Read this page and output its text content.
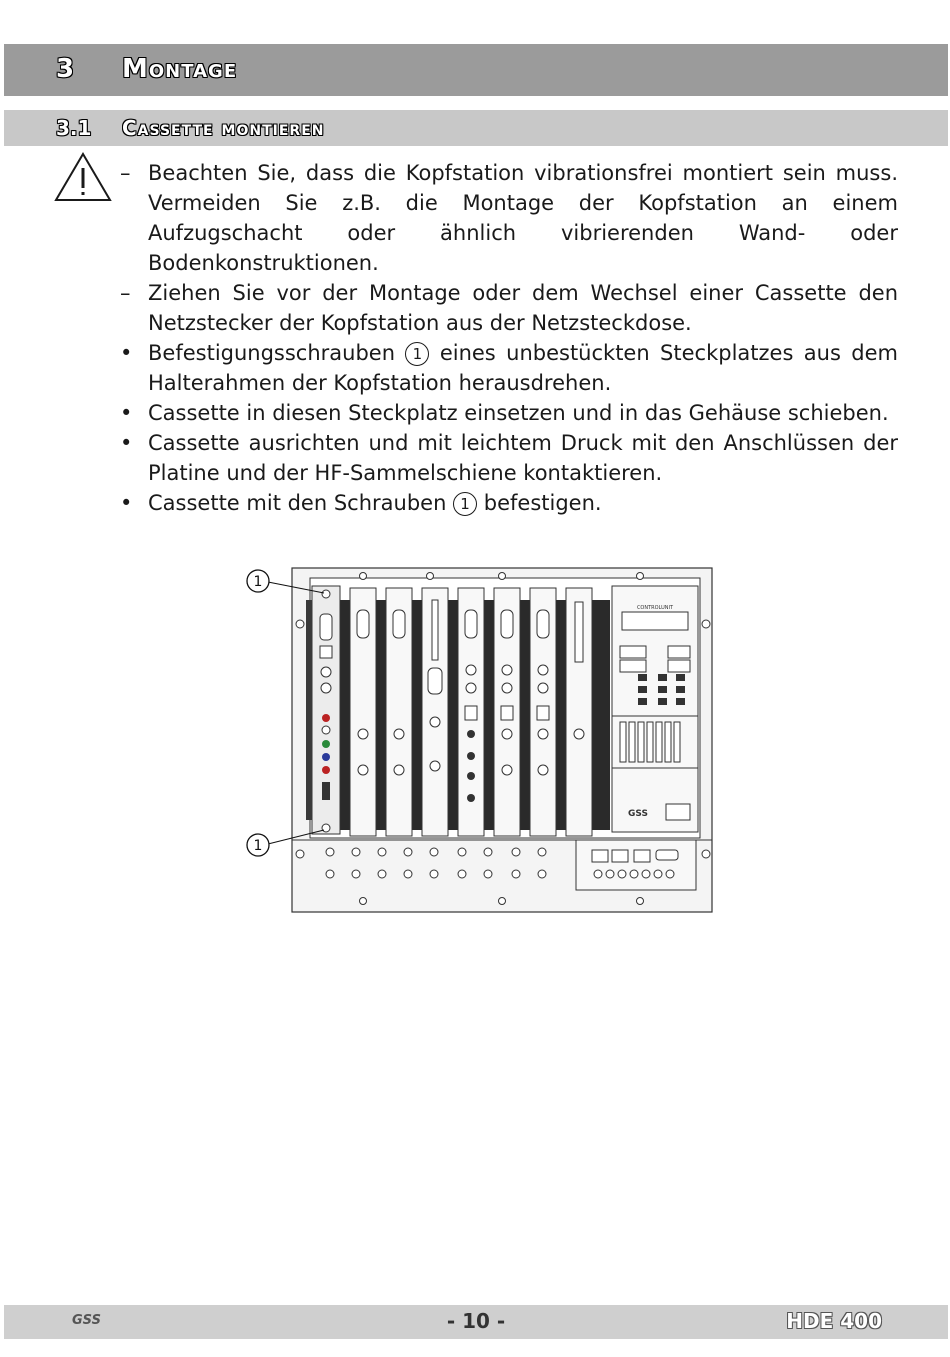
3 Montage
3.1 Cassette montieren
– Beachten Sie, dass die Kopfstation vibrationsfrei montiert sein muss. Vermeiden Sie z.B. die Montage der Kopfstation an einem Aufzugschacht oder ähnlich vibrierenden Wand- oder Bodenkonstruktionen.
– Ziehen Sie vor der Montage oder dem Wechsel einer Cassette den Netzstecker der Kopfstation aus der Netzsteckdose.
• Befestigungsschrauben 1 eines unbestückten Steckplatzes aus dem Halterahmen der Kopfstation herausdrehen.
• Cassette in diesen Steckplatz einsetzen und in das Gehäuse schieben.
• Cassette ausrichten und mit leichtem Druck mit den Anschlüssen der Platine und der HF-Sammelschiene kontaktieren.
• Cassette mit den Schrauben 1 befestigen.
CONTROLUNIT
GSS
1
1
GSS	- 10 -	HDE 400
